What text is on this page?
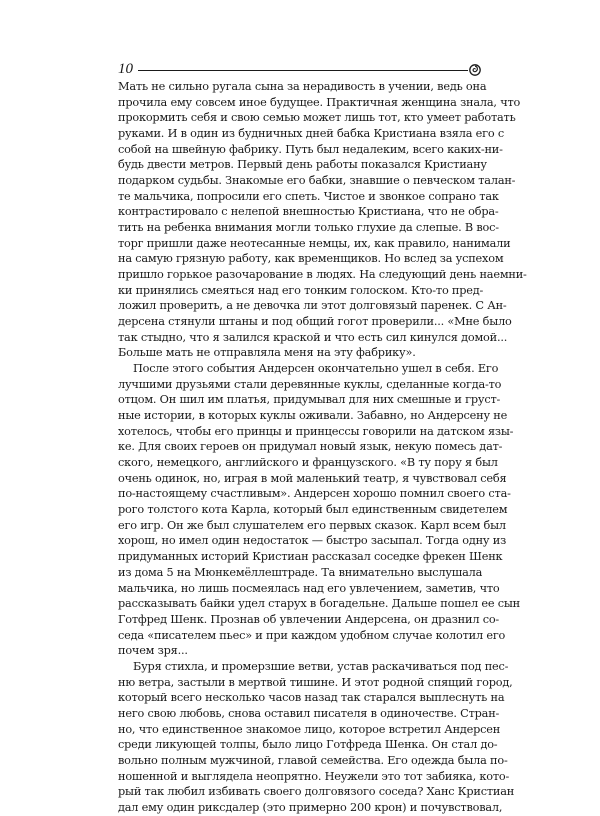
10
Мать не сильно ругала сына за нерадивость в учении, ведь она
прочила ему совсем иное будущее. Практичная женщина знала, что
прокормить себя и свою семью может лишь тот, кто умеет работать
руками. И в один из будничных дней бабка Кристиана взяла его с
собой на швейную фабрику. Путь был недалеким, всего каких-ни-
будь двести метров. Первый день работы показался Кристиану
подарком судьбы. Знакомые его бабки, знавшие о певческом талан-
те мальчика, попросили его спеть. Чистое и звонкое сопрано так
контрастировало с нелепой внешностью Кристиана, что не обра-
тить на ребенка внимания могли только глухие да слепые. В вос-
торг пришли даже неотесанные немцы, их, как правило, нанимали
на самую грязную работу, как временщиков. Но вслед за успехом
пришло горькое разочарование в людях. На следующий день наемни-
ки принялись смеяться над его тонким голоском. Кто-то пред-
ложил проверить, а не девочка ли этот долговязый паренек. С Ан-
дерсена стянули штаны и под общий гогот проверили... «Мне было
так стыдно, что я залился краской и что есть сил кинулся домой...
Больше мать не отправляла меня на эту фабрику».
После этого события Андерсен окончательно ушел в себя. Его
лучшими друзьями стали деревянные куклы, сделанные когда-то
отцом. Он шил им платья, придумывал для них смешные и груст-
ные истории, в которых куклы оживали. Забавно, но Андерсену не
хотелось, чтобы его принцы и принцессы говорили на датском язы-
ке. Для своих героев он придумал новый язык, некую помесь дат-
ского, немецкого, английского и французского. «В ту пору я был
очень одинок, но, играя в мой маленький театр, я чувствовал себя
по-настоящему счастливым». Андерсен хорошо помнил своего ста-
рого толстого кота Карла, который был единственным свидетелем
его игр. Он же был слушателем его первых сказок. Карл всем был
хорош, но имел один недостаток — быстро засыпал. Тогда одну из
придуманных историй Кристиан рассказал соседке фрекен Шенк
из дома 5 на Мюнкемёллештраде. Та внимательно выслушала
мальчика, но лишь посмеялась над его увлечением, заметив, что
рассказывать байки удел старух в богадельне. Дальше пошел ее сын
Готфред Шенк. Прознав об увлечении Андерсена, он дразнил со-
седа «писателем пьес» и при каждом удобном случае колотил его
почем зря...
Буря стихла, и промерзшие ветви, устав раскачиваться под пес-
ню ветра, застыли в мертвой тишине. И этот родной спящий город,
который всего несколько часов назад так старался выплеснуть на
него свою любовь, снова оставил писателя в одиночестве. Стран-
но, что единственное знакомое лицо, которое встретил Андерсен
среди ликующей толпы, было лицо Готфреда Шенка. Он стал до-
вольно полным мужчиной, главой семейства. Его одежда была по-
ношенной и выглядела неопрятно. Неужели это тот забияка, кото-
рый так любил избивать своего долговязого соседа? Ханс Кристиан
дал ему один риксдалер (это примерно 200 крон) и почувствовал,
